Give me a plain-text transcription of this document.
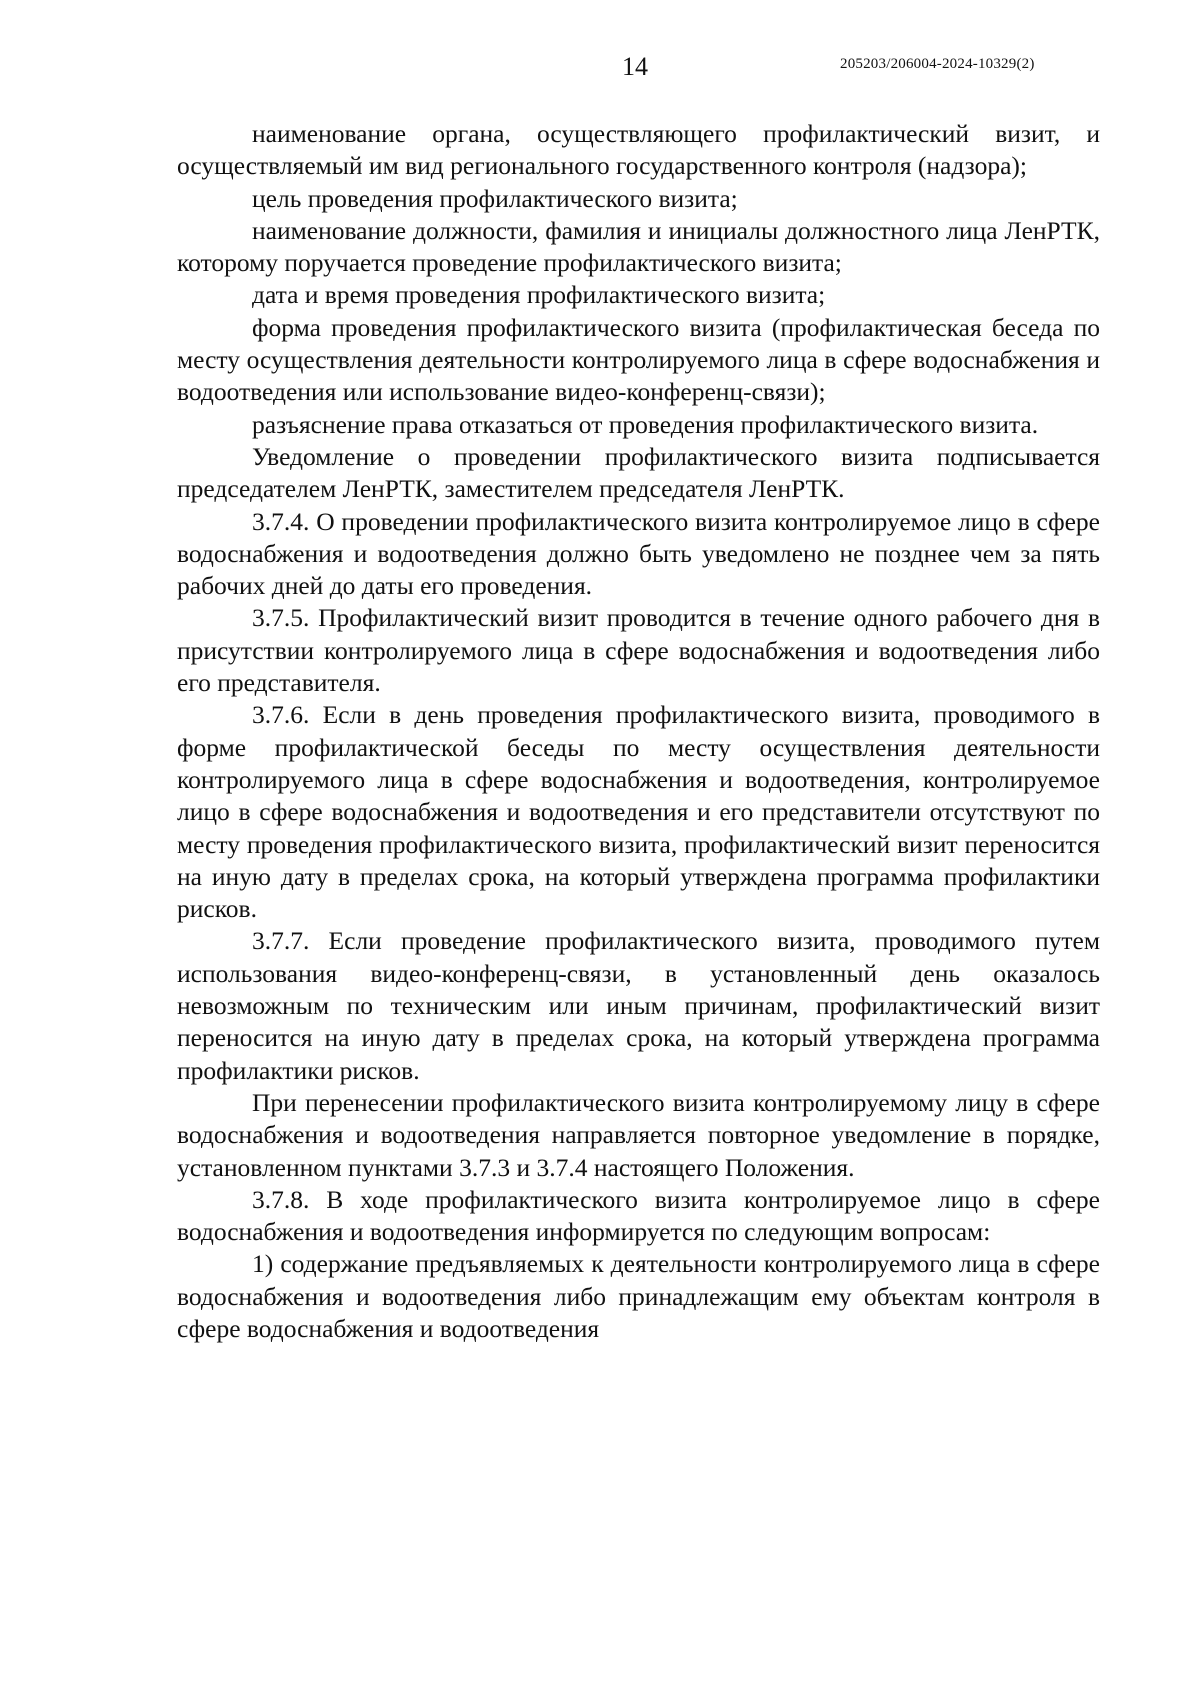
14	205203/206004-2024-10329(2)

наименование органа, осуществляющего профилактический визит, и осуществляемый им вид регионального государственного контроля (надзора);

цель проведения профилактического визита;

наименование должности, фамилия и инициалы должностного лица ЛенРТК, которому поручается проведение профилактического визита;

дата и время проведения профилактического визита;

форма проведения профилактического визита (профилактическая беседа по месту осуществления деятельности контролируемого лица в сфере водоснабжения и водоотведения или использование видео-конференц-связи);

разъяснение права отказаться от проведения профилактического визита.

Уведомление о проведении профилактического визита подписывается председателем ЛенРТК, заместителем председателя ЛенРТК.

3.7.4. О проведении профилактического визита контролируемое лицо в сфере водоснабжения и водоотведения должно быть уведомлено не позднее чем за пять рабочих дней до даты его проведения.

3.7.5. Профилактический визит проводится в течение одного рабочего дня в присутствии контролируемого лица в сфере водоснабжения и водоотведения либо его представителя.

3.7.6. Если в день проведения профилактического визита, проводимого в форме профилактической беседы по месту осуществления деятельности контролируемого лица в сфере водоснабжения и водоотведения, контролируемое лицо в сфере водоснабжения и водоотведения и его представители отсутствуют по месту проведения профилактического визита, профилактический визит переносится на иную дату в пределах срока, на который утверждена программа профилактики рисков.

3.7.7. Если проведение профилактического визита, проводимого путем использования видео-конференц-связи, в установленный день оказалось невозможным по техническим или иным причинам, профилактический визит переносится на иную дату в пределах срока, на который утверждена программа профилактики рисков.

При перенесении профилактического визита контролируемому лицу в сфере водоснабжения и водоотведения направляется повторное уведомление в порядке, установленном пунктами 3.7.3 и 3.7.4 настоящего Положения.

3.7.8. В ходе профилактического визита контролируемое лицо в сфере водоснабжения и водоотведения информируется по следующим вопросам:

1) содержание предъявляемых к деятельности контролируемого лица в сфере водоснабжения и водоотведения либо принадлежащим ему объектам контроля в сфере водоснабжения и водоотведения
